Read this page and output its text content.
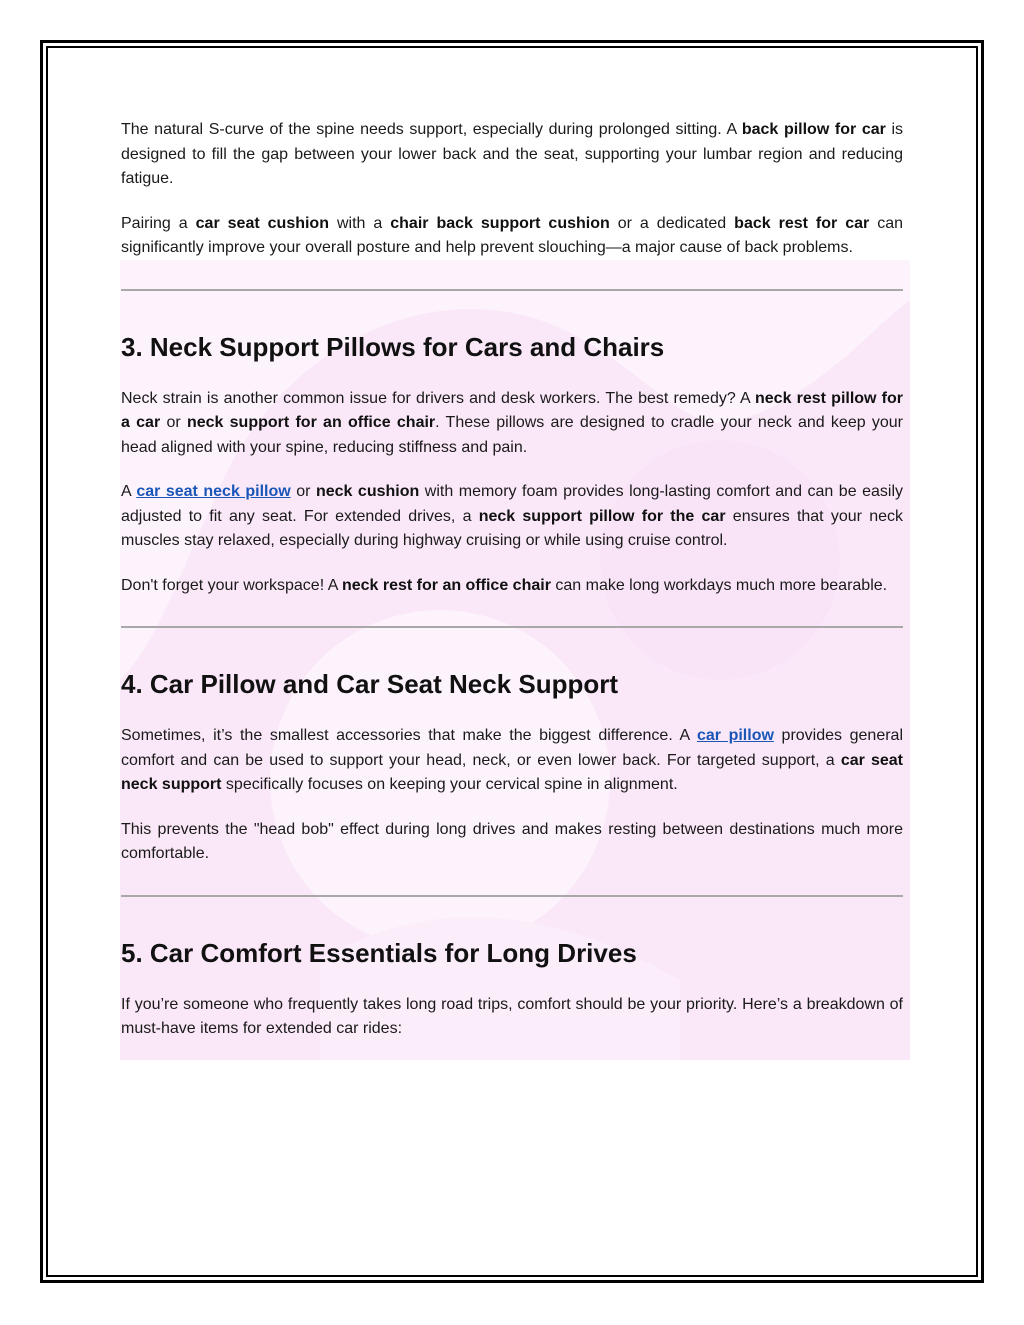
The natural S-curve of the spine needs support, especially during prolonged sitting. A back pillow for car is designed to fill the gap between your lower back and the seat, supporting your lumbar region and reducing fatigue.

Pairing a car seat cushion with a chair back support cushion or a dedicated back rest for car can significantly improve your overall posture and help prevent slouching—a major cause of back problems.

3. Neck Support Pillows for Cars and Chairs

Neck strain is another common issue for drivers and desk workers. The best remedy? A neck rest pillow for a car or neck support for an office chair. These pillows are designed to cradle your neck and keep your head aligned with your spine, reducing stiffness and pain.

A car seat neck pillow or neck cushion with memory foam provides long-lasting comfort and can be easily adjusted to fit any seat. For extended drives, a neck support pillow for the car ensures that your neck muscles stay relaxed, especially during highway cruising or while using cruise control.

Don't forget your workspace! A neck rest for an office chair can make long workdays much more bearable.

4. Car Pillow and Car Seat Neck Support

Sometimes, it’s the smallest accessories that make the biggest difference. A car pillow provides general comfort and can be used to support your head, neck, or even lower back. For targeted support, a car seat neck support specifically focuses on keeping your cervical spine in alignment.

This prevents the "head bob" effect during long drives and makes resting between destinations much more comfortable.

5. Car Comfort Essentials for Long Drives

If you’re someone who frequently takes long road trips, comfort should be your priority. Here’s a breakdown of must-have items for extended car rides:
